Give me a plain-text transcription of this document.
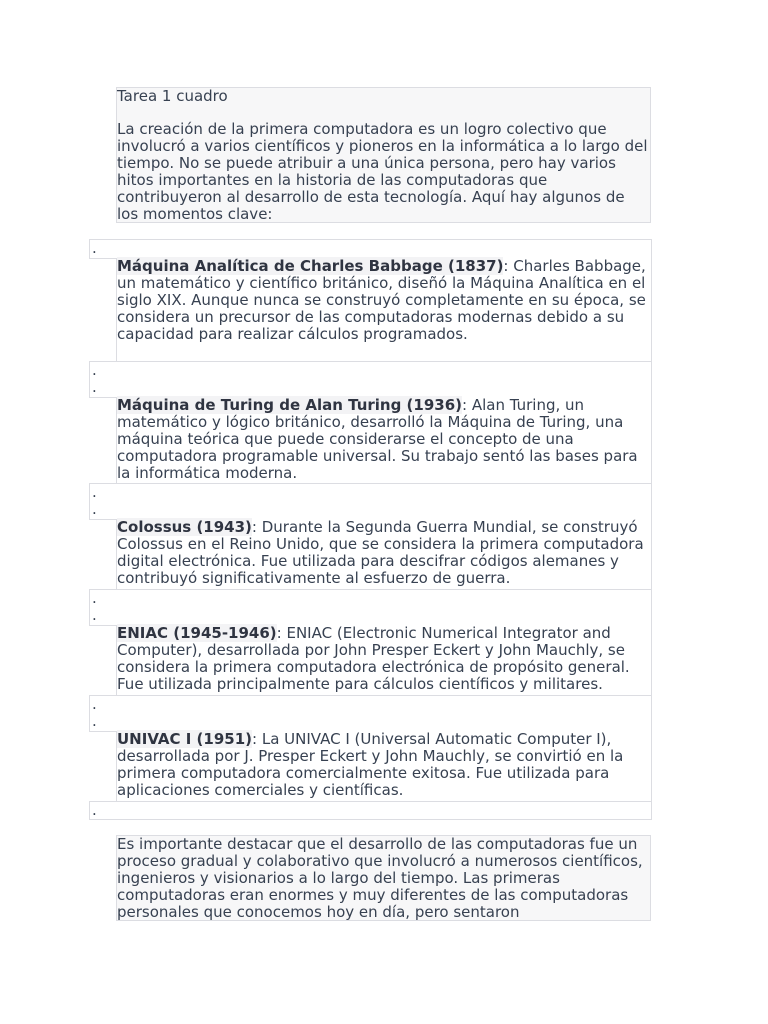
Tarea 1 cuadro

La creación de la primera computadora es un logro colectivo que involucró a varios científicos y pioneros en la informática a lo largo del tiempo. No se puede atribuir a una única persona, pero hay varios hitos importantes en la historia de las computadoras que contribuyeron al desarrollo de esta tecnología. Aquí hay algunos de los momentos clave:

.
Máquina Analítica de Charles Babbage (1837): Charles Babbage, un matemático y científico británico, diseñó la Máquina Analítica en el siglo XIX. Aunque nunca se construyó completamente en su época, se considera un precursor de las computadoras modernas debido a su capacidad para realizar cálculos programados.
.
.
Máquina de Turing de Alan Turing (1936): Alan Turing, un matemático y lógico británico, desarrolló la Máquina de Turing, una máquina teórica que puede considerarse el concepto de una computadora programable universal. Su trabajo sentó las bases para la informática moderna.
.
.
Colossus (1943): Durante la Segunda Guerra Mundial, se construyó Colossus en el Reino Unido, que se considera la primera computadora digital electrónica. Fue utilizada para descifrar códigos alemanes y contribuyó significativamente al esfuerzo de guerra.
.
.
ENIAC (1945-1946): ENIAC (Electronic Numerical Integrator and Computer), desarrollada por John Presper Eckert y John Mauchly, se considera la primera computadora electrónica de propósito general. Fue utilizada principalmente para cálculos científicos y militares.
.
.
UNIVAC I (1951): La UNIVAC I (Universal Automatic Computer I), desarrollada por J. Presper Eckert y John Mauchly, se convirtió en la primera computadora comercialmente exitosa. Fue utilizada para aplicaciones comerciales y científicas.
.

Es importante destacar que el desarrollo de las computadoras fue un proceso gradual y colaborativo que involucró a numerosos científicos, ingenieros y visionarios a lo largo del tiempo. Las primeras computadoras eran enormes y muy diferentes de las computadoras personales que conocemos hoy en día, pero sentaron
